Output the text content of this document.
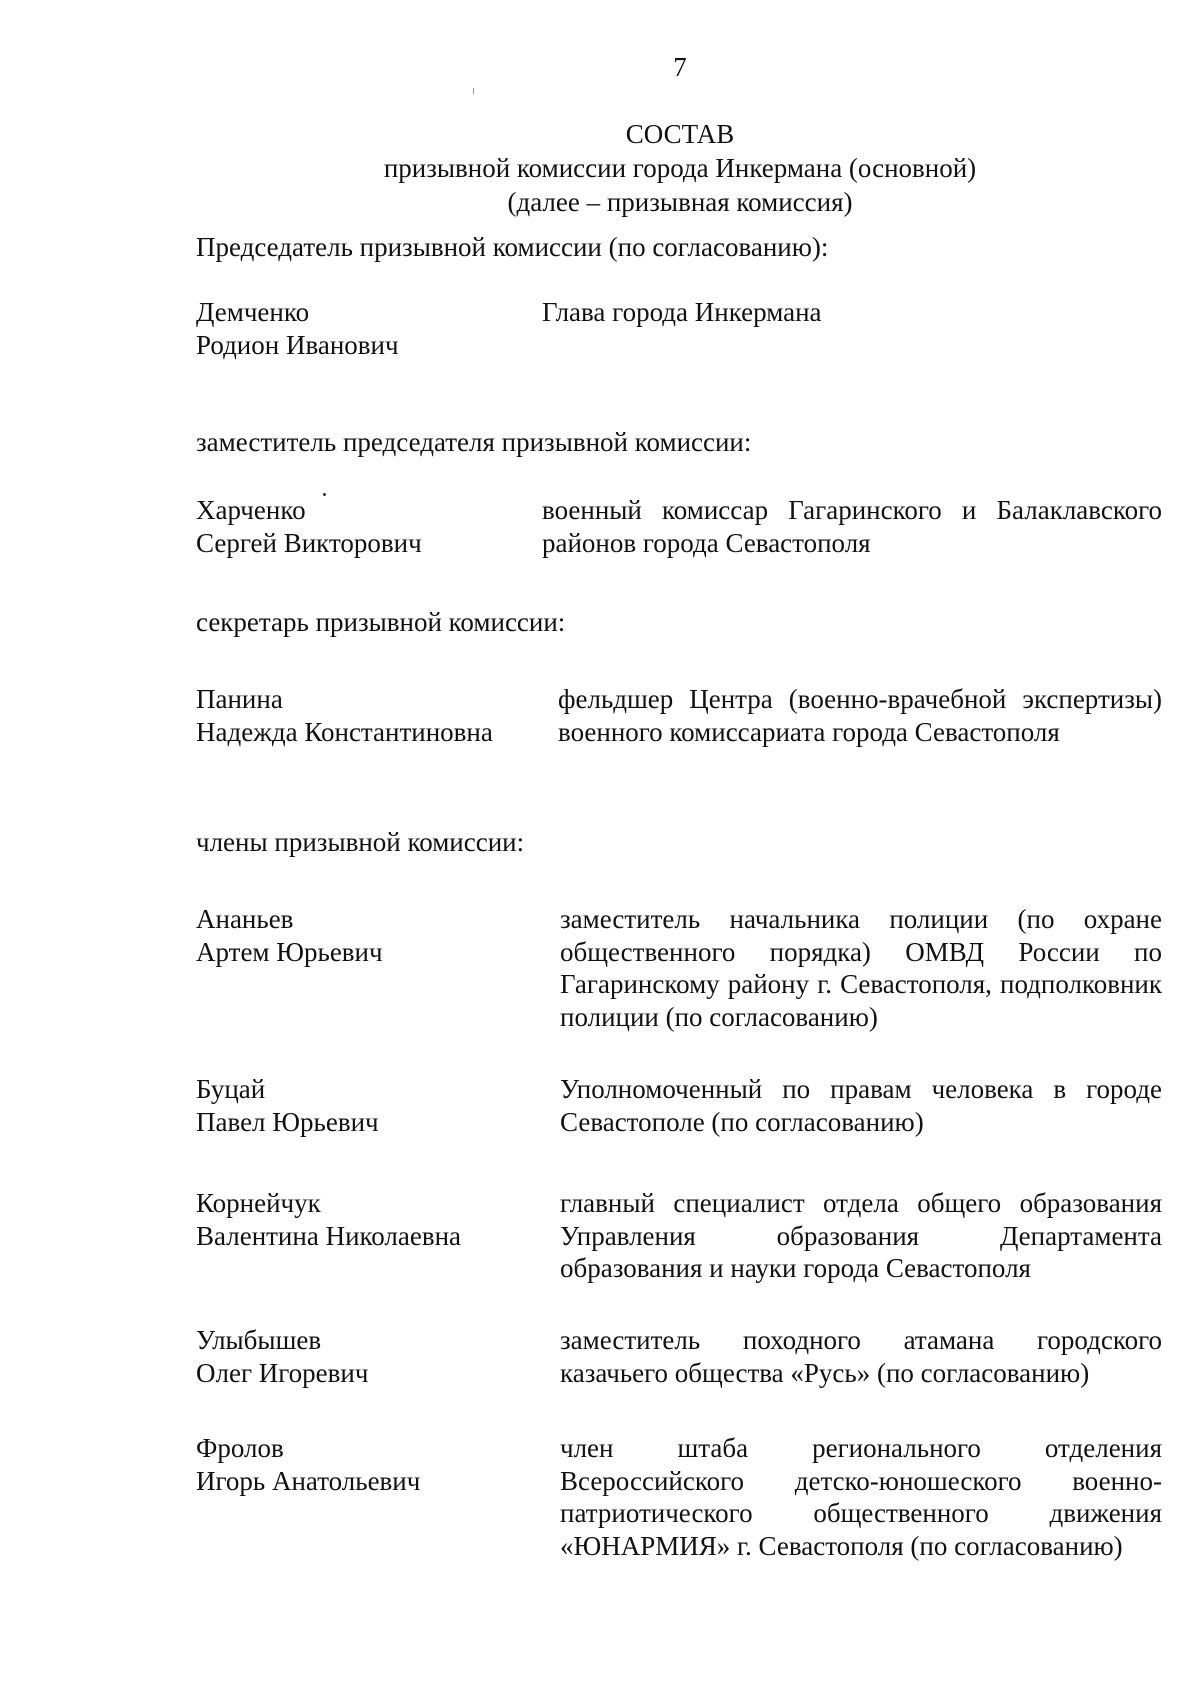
7
СОСТАВ
призывной комиссии города Инкермана (основной)
(далее – призывная комиссия)
Председатель призывной комиссии (по согласованию):
Демченко
Родион Иванович
Глава города Инкермана
заместитель председателя призывной комиссии:
Харченко
Сергей Викторович
военный комиссар Гагаринского и Балаклавского районов города Севастополя
секретарь призывной комиссии:
Панина
Надежда Константиновна
фельдшер Центра (военно-врачебной экспертизы) военного комиссариата города Севастополя
члены призывной комиссии:
Ананьев
Артем Юрьевич
заместитель начальника полиции (по охране общественного порядка) ОМВД России по Гагаринскому району г. Севастополя, подполковник полиции (по согласованию)
Буцай
Павел Юрьевич
Уполномоченный по правам человека в городе Севастополе (по согласованию)
Корнейчук
Валентина Николаевна
главный специалист отдела общего образования Управления образования Департамента образования и науки города Севастополя
Улыбышев
Олег Игоревич
заместитель походного атамана городского казачьего общества «Русь» (по согласованию)
Фролов
Игорь Анатольевич
член штаба регионального отделения Всероссийского детско-юношеского военно-патриотического общественного движения «ЮНАРМИЯ» г. Севастополя (по согласованию)
